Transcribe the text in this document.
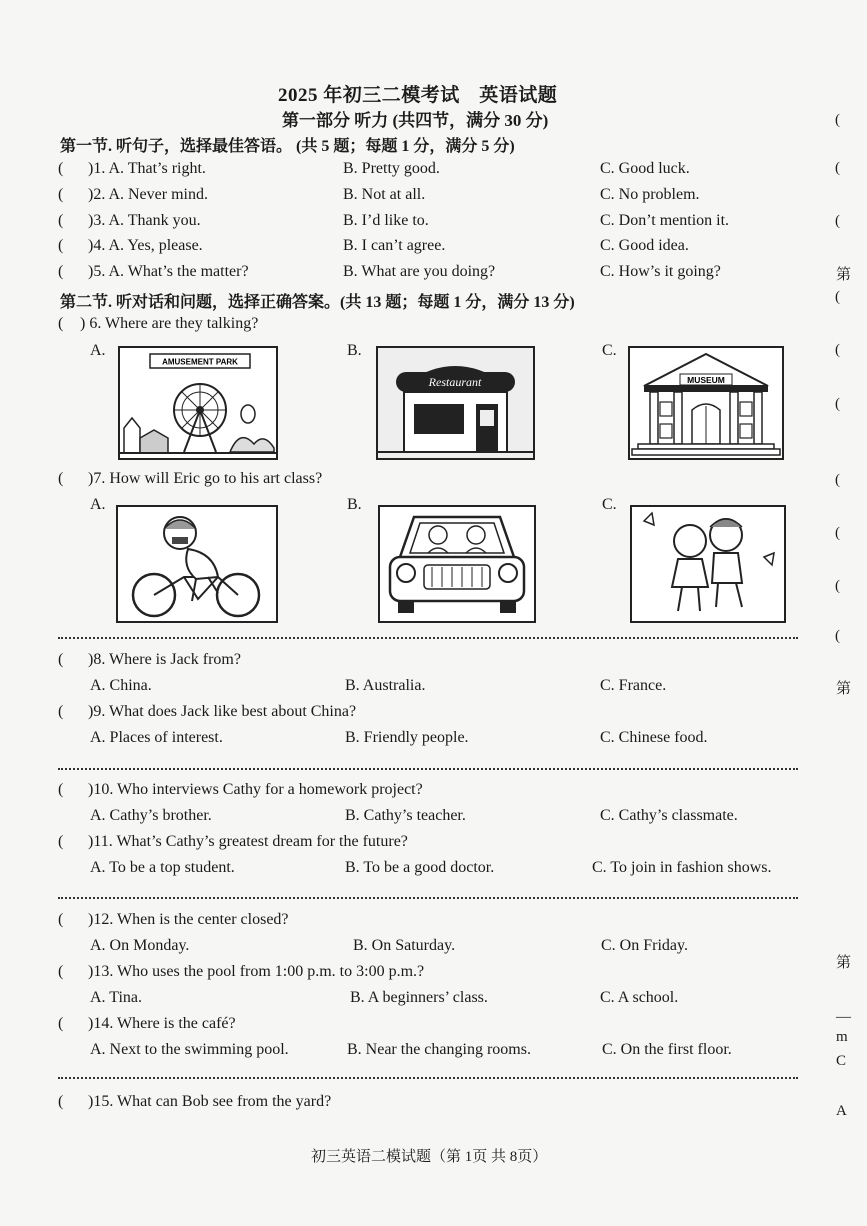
2025 年初三二模考试　英语试题
第一部分 听力 (共四节，满分 30 分)
第一节. 听句子，选择最佳答语。 (共 5 题；每题 1 分，满分 5 分)
( )1. A. That’s right.	B. Pretty good.	C. Good luck.
( )2. A. Never mind.	B. Not at all.	C. No problem.
( )3. A. Thank you.	B. I’d like to.	C. Don’t mention it.
( )4. A. Yes, please.	B. I can’t agree.	C. Good idea.
( )5. A. What’s the matter?	B. What are you doing?	C. How’s it going?
第二节. 听对话和问题，选择正确答案。(共 13 题；每题 1 分，满分 13 分)
( ) 6. Where are they talking?
A.	B.	C.
AMUSEMENT PARK
Restaurant	MUSEUM
( )7. How will Eric go to his art class?
A.	B.	C.
( )8. Where is Jack from?
A. China.	B. Australia.	C. France.
( )9. What does Jack like best about China?
A. Places of interest.	B. Friendly people.	C. Chinese food.
( )10. Who interviews Cathy for a homework project?
A. Cathy’s brother.	B. Cathy’s teacher.	C. Cathy’s classmate.
( )11. What’s Cathy’s greatest dream for the future?
A. To be a top student.	B. To be a good doctor.	C. To join in fashion shows.
( )12. When is the center closed?
A. On Monday.	B. On Saturday.	C. On Friday.
( )13. Who uses the pool from 1:00 p.m. to 3:00 p.m.?
A. Tina.	B. A beginners’ class.	C. A school.
( )14. Where is the café?
A. Next to the swimming pool.	B. Near the changing rooms.	C. On the first floor.
( )15. What can Bob see from the yard?
初三英语二模试题（第 1页 共 8页）
(
(
(
第
(
(
(
(
(
(
(
第
第
—
m
C
A
